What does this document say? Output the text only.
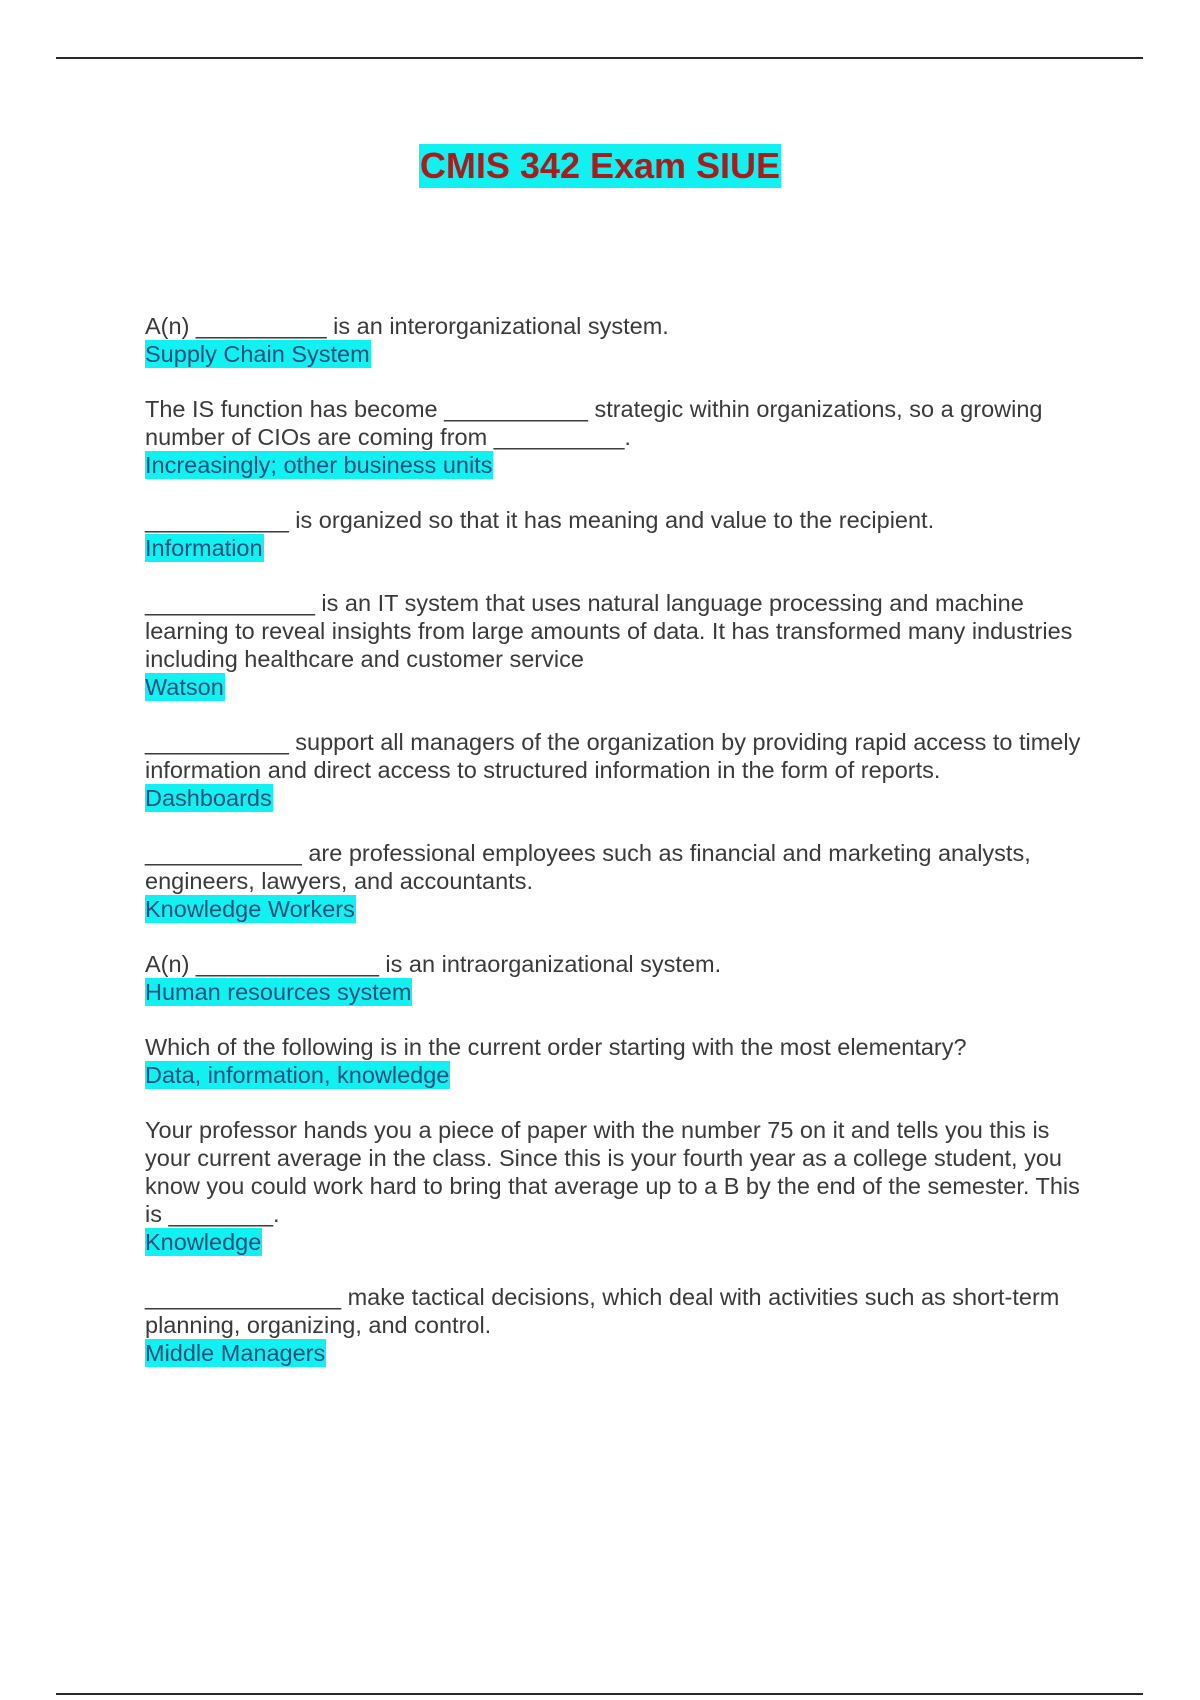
CMIS 342 Exam SIUE

A(n) __________ is an interorganizational system.

Supply Chain System

The IS function has become ___________ strategic within organizations, so a growing number of CIOs are coming from __________.

Increasingly; other business units

___________ is organized so that it has meaning and value to the recipient.

Information

_____________ is an IT system that uses natural language processing and machine learning to reveal insights from large amounts of data. It has transformed many industries including healthcare and customer service

Watson

___________ support all managers of the organization by providing rapid access to timely information and direct access to structured information in the form of reports.

Dashboards

____________ are professional employees such as financial and marketing analysts, engineers, lawyers, and accountants.

Knowledge Workers

A(n) ______________ is an intraorganizational system.

Human resources system

Which of the following is in the current order starting with the most elementary?

Data, information, knowledge

Your professor hands you a piece of paper with the number 75 on it and tells you this is your current average in the class. Since this is your fourth year as a college student, you know you could work hard to bring that average up to a B by the end of the semester. This is ________.

Knowledge

_______________ make tactical decisions, which deal with activities such as short-term planning, organizing, and control.

Middle Managers
